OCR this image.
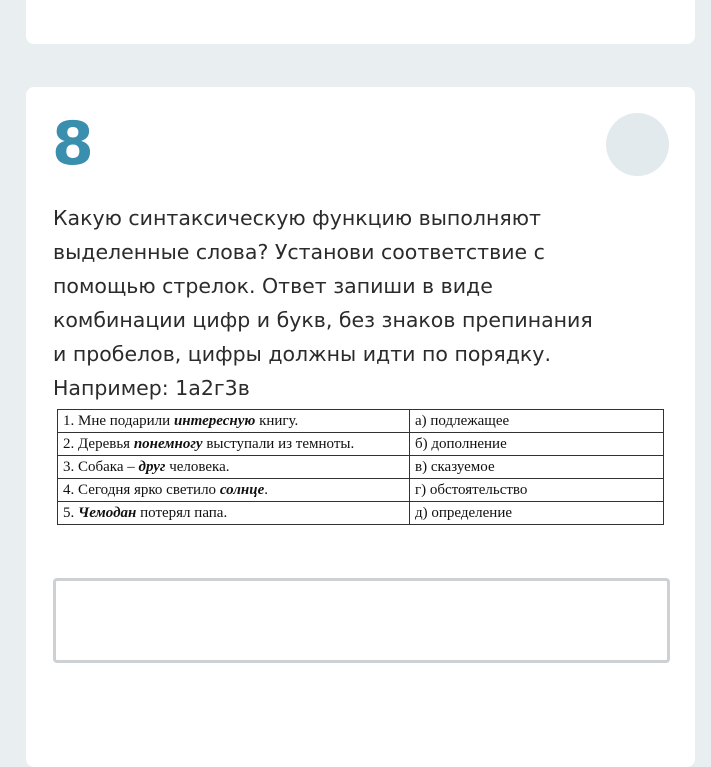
8
Какую синтаксическую функцию выполняют
выделенные слова? Установи соответствие с
помощью стрелок. Ответ запиши в виде
комбинации цифр и букв, без знаков препинания
и пробелов, цифры должны идти по порядку.
Например: 1а2г3в
1. Мне подарили интересную книгу.	а) подлежащее
2. Деревья понемногу выступали из темноты.	б) дополнение
3. Собака – друг человека.	в) сказуемое
4. Сегодня ярко светило солнце.	г) обстоятельство
5. Чемодан потерял папа.	д) определение
